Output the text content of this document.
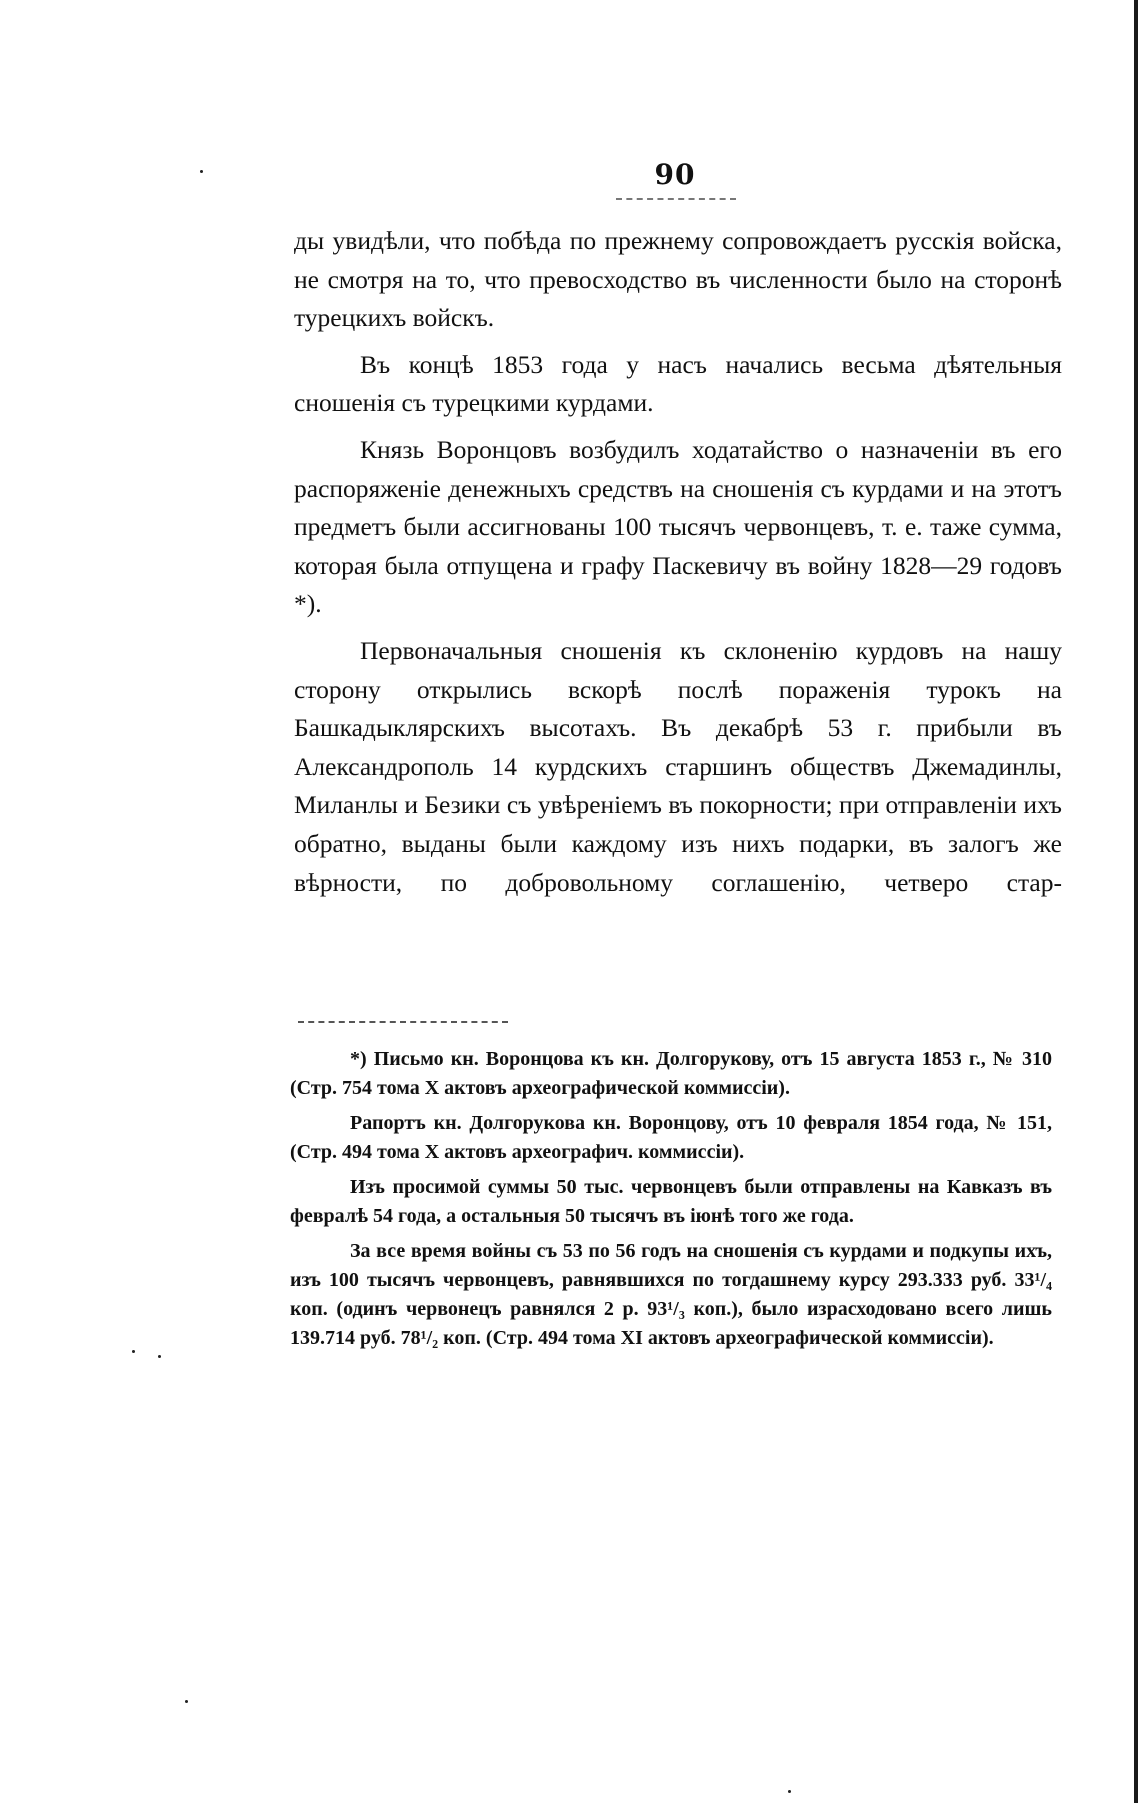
90

ды увидѣли, что побѣда по прежнему сопровождаетъ русскія войска, не смотря на то, что превосходство въ численности было на сторонѣ турецкихъ войскъ.

Въ концѣ 1853 года у насъ начались весьма дѣятельныя сношенія съ турецкими курдами.

Князь Воронцовъ возбудилъ ходатайство о назначеніи въ его распоряженіе денежныхъ средствъ на сношенія съ курдами и на этотъ предметъ были ассигнованы 100 тысячъ червонцевъ, т. е. таже сумма, которая была отпущена и графу Паскевичу въ войну 1828—29 годовъ *).

Первоначальныя сношенія къ склоненію курдовъ на нашу сторону открылись вскорѣ послѣ пораженія турокъ на Башкадыклярскихъ высотахъ. Въ декабрѣ 53 г. прибыли въ Александрополь 14 курдскихъ старшинъ обществъ Джемадинлы, Миланлы и Безики съ увѣреніемъ въ покорности; при отправленіи ихъ обратно, выданы были каждому изъ нихъ подарки, въ залогъ же вѣрности, по добровольному соглашенію, четверо стар-

*) Письмо кн. Воронцова къ кн. Долгорукову, отъ 15 августа 1853 г., № 310 (Стр. 754 тома X актовъ археографической коммиссіи).

Рапортъ кн. Долгорукова кн. Воронцову, отъ 10 февраля 1854 года, № 151, (Стр. 494 тома X актовъ археографич. коммиссіи).

Изъ просимой суммы 50 тыс. червонцевъ были отправлены на Кавказъ въ февралѣ 54 года, а остальныя 50 тысячъ въ іюнѣ того же года.

За все время войны съ 53 по 56 годъ на сношенія съ курдами и подкупы ихъ, изъ 100 тысячъ червонцевъ, равнявшихся по тогдашнему курсу 293.333 руб. 33¹/₄ коп. (одинъ червонецъ равнялся 2 р. 93¹/₃ коп.), было израсходовано всего лишь 139.714 руб. 78¹/₂ коп. (Стр. 494 тома XI актовъ археографической коммиссіи).
